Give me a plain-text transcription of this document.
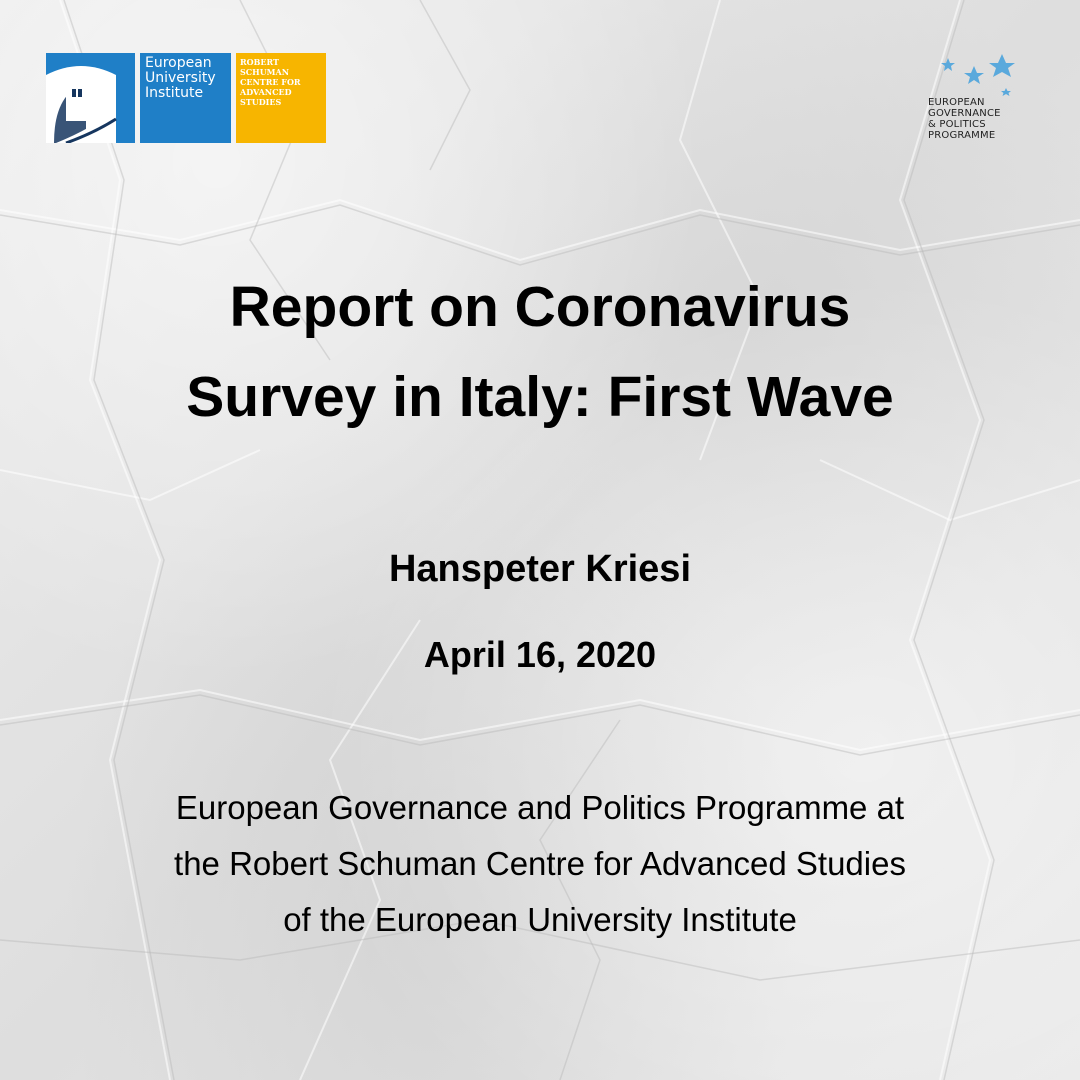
European
University
Institute
ROBERT
SCHUMAN
CENTRE FOR
ADVANCED
STUDIES	EUROPEAN
GOVERNANCE
& POLITICS
PROGRAMME
Report on Coronavirus
Survey in Italy: First Wave

Hanspeter Kriesi

April 16, 2020

European Governance and Politics Programme at
the Robert Schuman Centre for Advanced Studies
of the European University Institute
